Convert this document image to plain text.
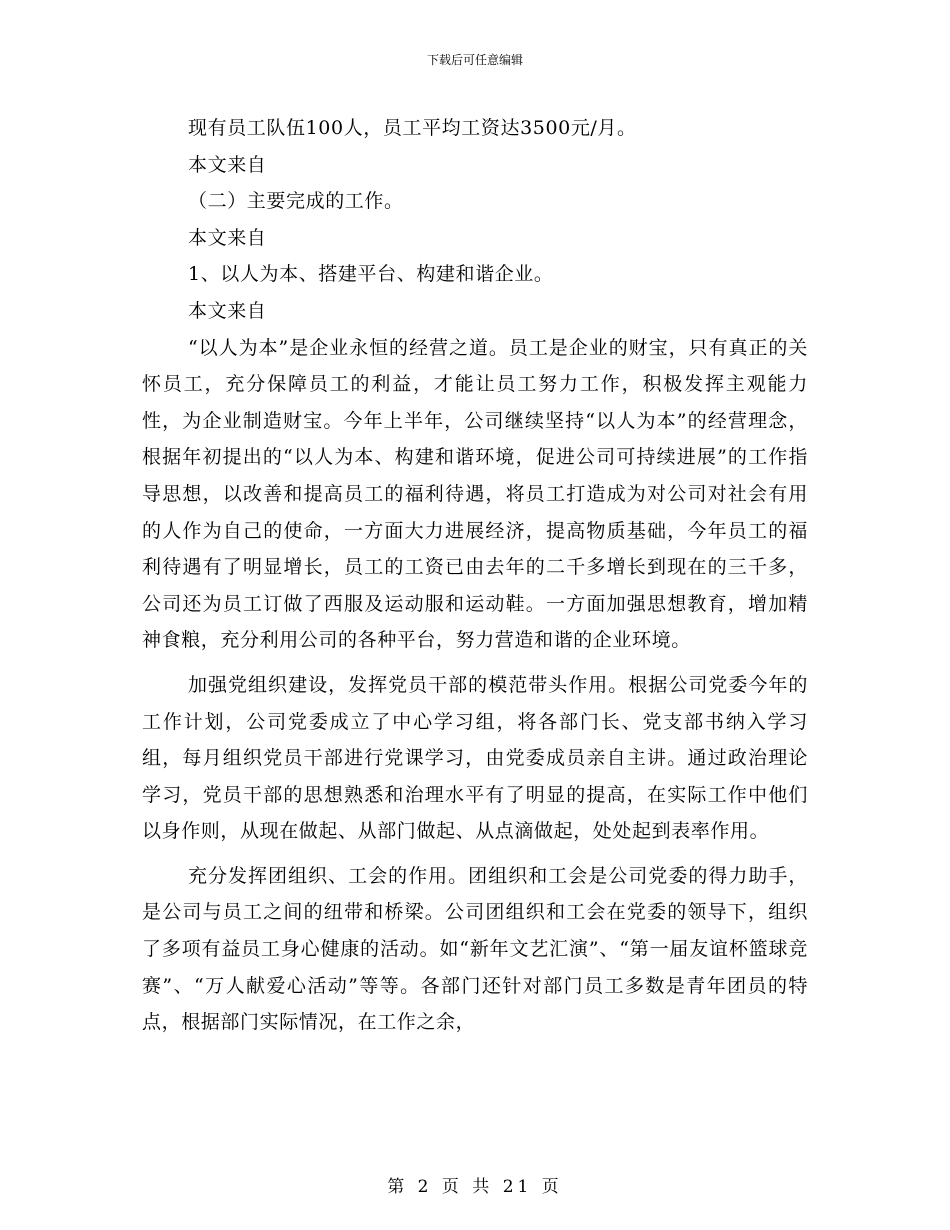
下载后可任意编辑
现有员工队伍100人，员工平均工资达3500元/月。
本文来自
（二）主要完成的工作。
本文来自
1、以人为本、搭建平台、构建和谐企业。
本文来自

“以人为本”是企业永恒的经营之道。员工是企业的财宝，只有真正的关怀员工，充分保障员工的利益，才能让员工努力工作，积极发挥主观能力性，为企业制造财宝。今年上半年，公司继续坚持“以人为本”的经营理念，根据年初提出的“以人为本、构建和谐环境，促进公司可持续进展”的工作指导思想，以改善和提高员工的福利待遇，将员工打造成为对公司对社会有用的人作为自己的使命，一方面大力进展经济，提高物质基础，今年员工的福利待遇有了明显增长，员工的工资已由去年的二千多增长到现在的三千多，公司还为员工订做了西服及运动服和运动鞋。一方面加强思想教育，增加精神食粮，充分利用公司的各种平台，努力营造和谐的企业环境。

加强党组织建设，发挥党员干部的模范带头作用。根据公司党委今年的工作计划，公司党委成立了中心学习组，将各部门长、党支部书纳入学习组，每月组织党员干部进行党课学习，由党委成员亲自主讲。通过政治理论学习，党员干部的思想熟悉和治理水平有了明显的提高，在实际工作中他们以身作则，从现在做起、从部门做起、从点滴做起，处处起到表率作用。

充分发挥团组织、工会的作用。团组织和工会是公司党委的得力助手，是公司与员工之间的纽带和桥梁。公司团组织和工会在党委的领导下，组织了多项有益员工身心健康的活动。如“新年文艺汇演”、“第一届友谊杯篮球竞赛”、“万人献爱心活动”等等。各部门还针对部门员工多数是青年团员的特点，根据部门实际情况，在工作之余，

第 2 页 共 21 页
